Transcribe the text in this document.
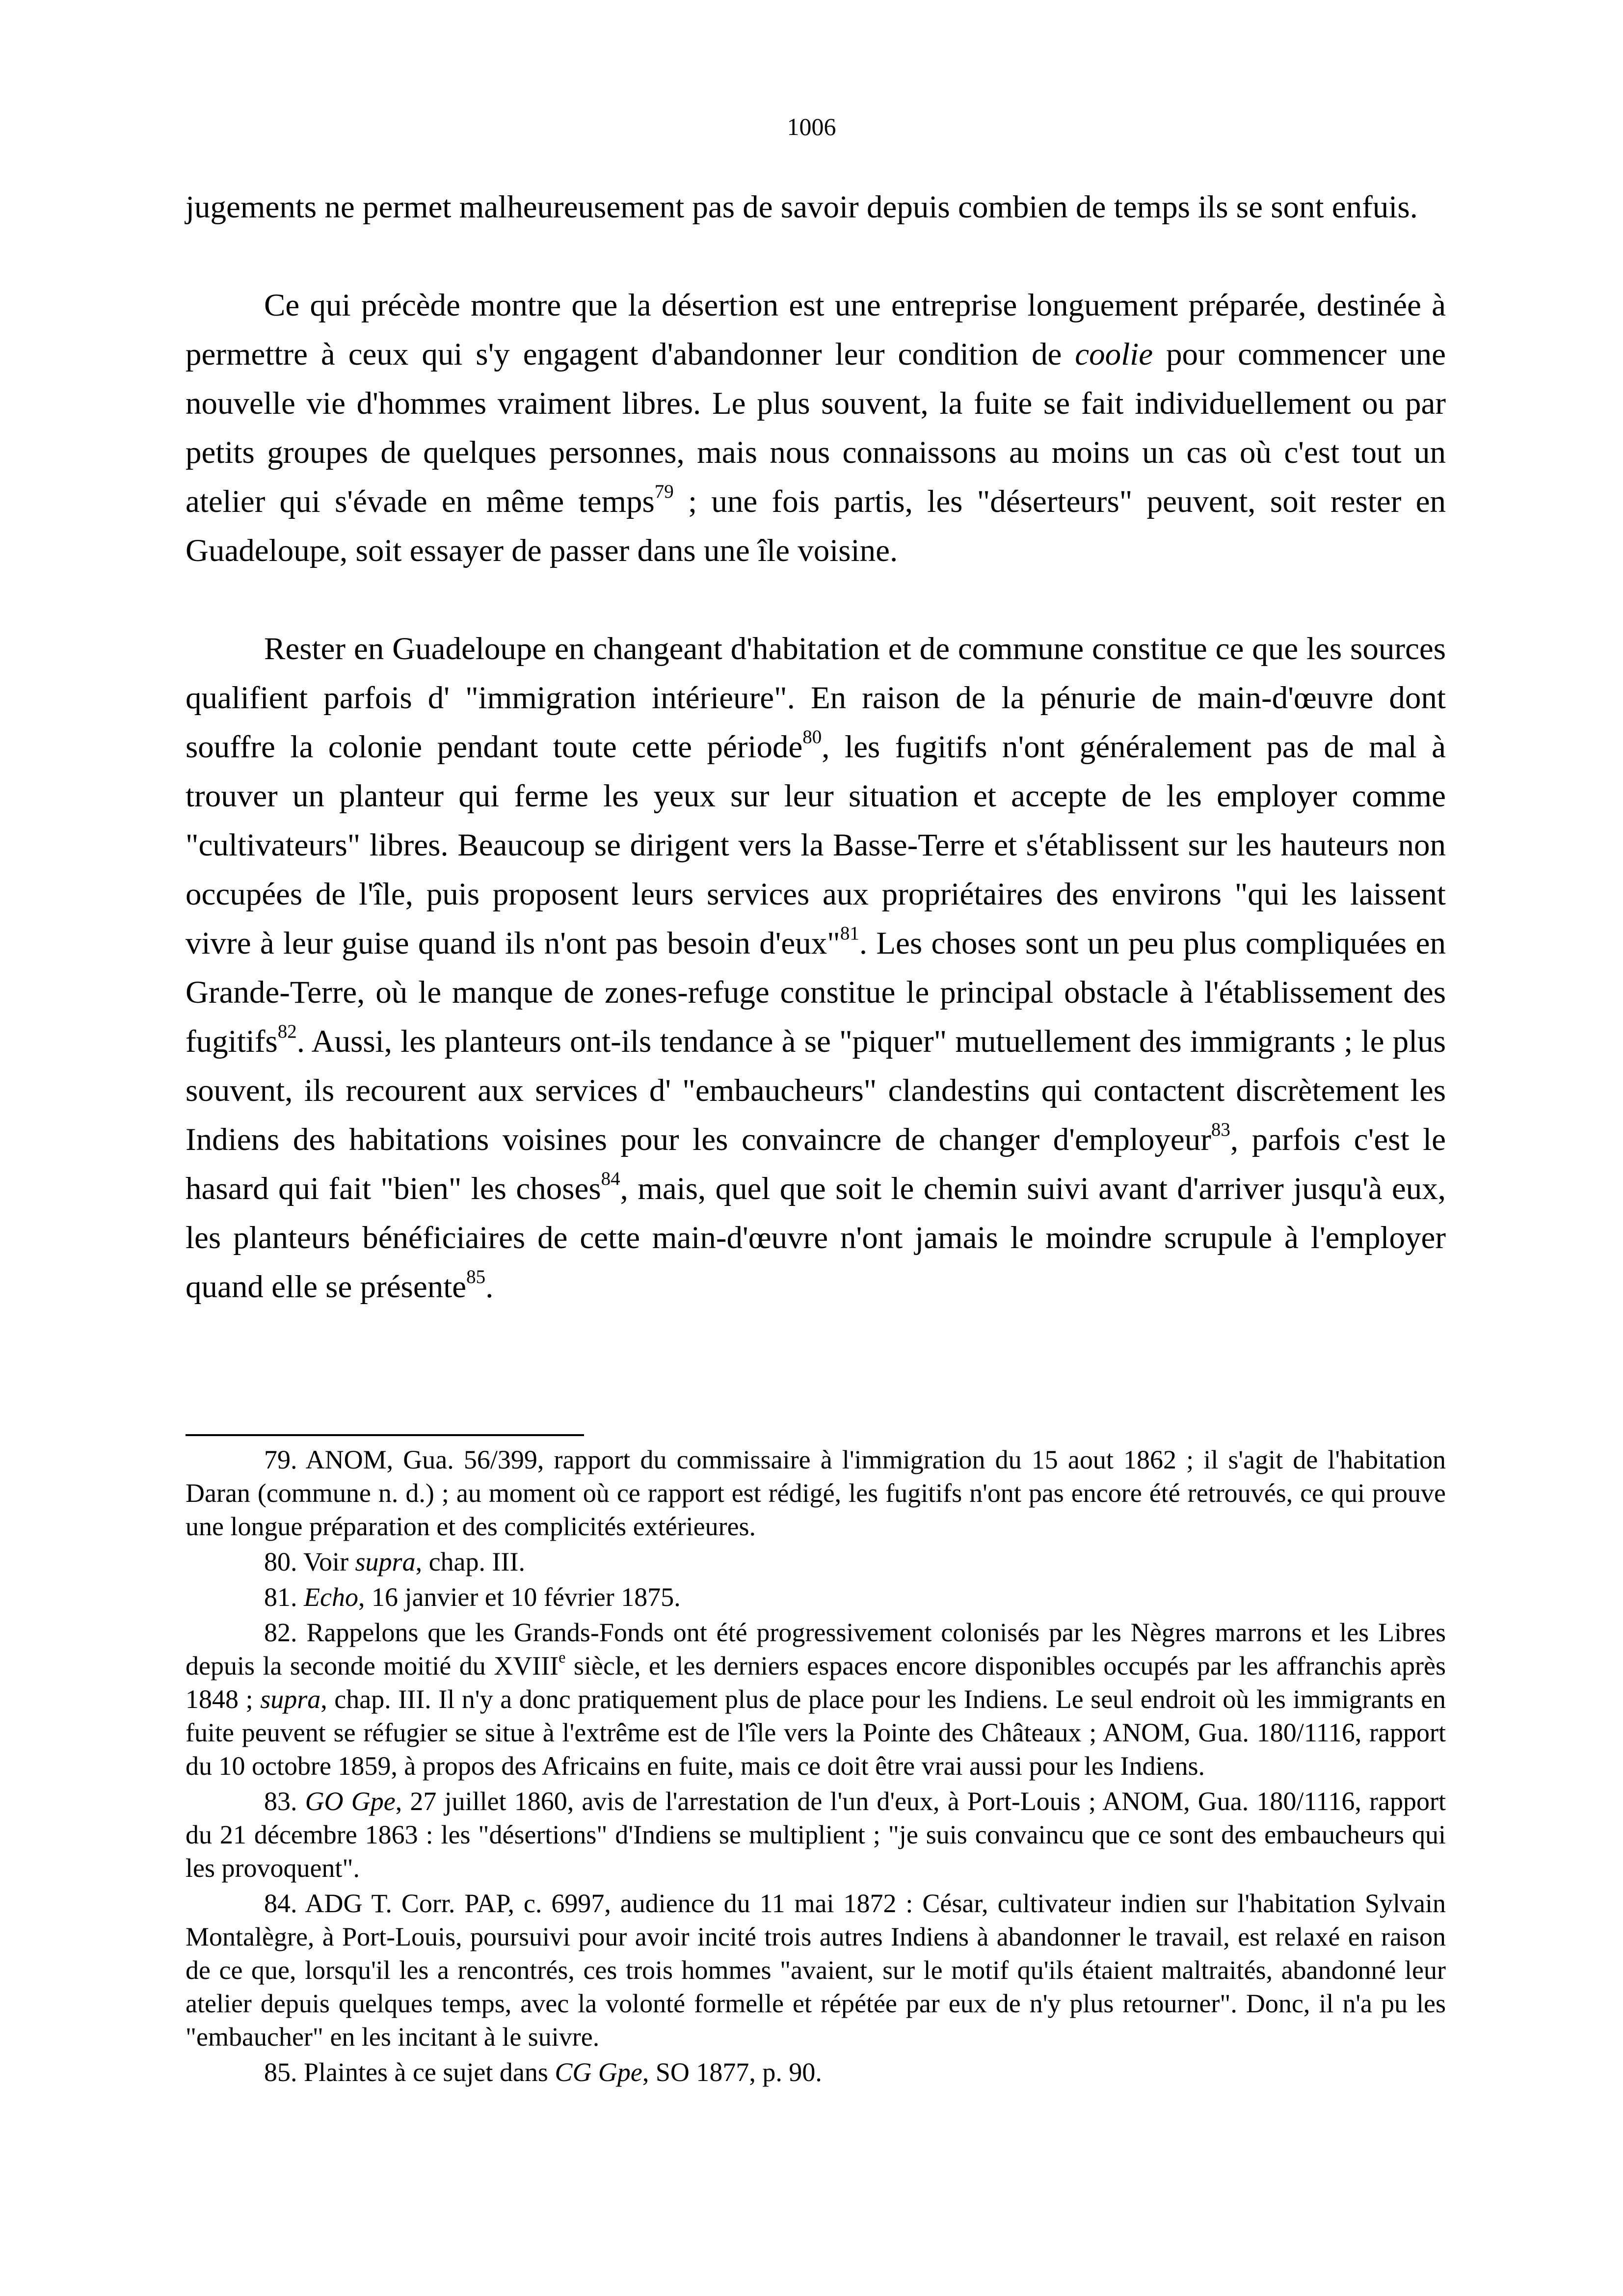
1006

jugements ne permet malheureusement pas de savoir depuis combien de temps ils se sont enfuis.

Ce qui précède montre que la désertion est une entreprise longuement préparée, destinée à permettre à ceux qui s'y engagent d'abandonner leur condition de coolie pour commencer une nouvelle vie d'hommes vraiment libres. Le plus souvent, la fuite se fait individuellement ou par petits groupes de quelques personnes, mais nous connaissons au moins un cas où c'est tout un atelier qui s'évade en même temps$^{79}$ ; une fois partis, les "déserteurs" peuvent, soit rester en Guadeloupe, soit essayer de passer dans une île voisine.

Rester en Guadeloupe en changeant d'habitation et de commune constitue ce que les sources qualifient parfois d' "immigration intérieure". En raison de la pénurie de main-d'œuvre dont souffre la colonie pendant toute cette période$^{80}$, les fugitifs n'ont généralement pas de mal à trouver un planteur qui ferme les yeux sur leur situation et accepte de les employer comme "cultivateurs" libres. Beaucoup se dirigent vers la Basse-Terre et s'établissent sur les hauteurs non occupées de l'île, puis proposent leurs services aux propriétaires des environs "qui les laissent vivre à leur guise quand ils n'ont pas besoin d'eux"$^{81}$. Les choses sont un peu plus compliquées en Grande-Terre, où le manque de zones-refuge constitue le principal obstacle à l'établissement des fugitifs$^{82}$. Aussi, les planteurs ont-ils tendance à se "piquer" mutuellement des immigrants ; le plus souvent, ils recourent aux services d' "embaucheurs" clandestins qui contactent discrètement les Indiens des habitations voisines pour les convaincre de changer d'employeur$^{83}$, parfois c'est le hasard qui fait "bien" les choses$^{84}$, mais, quel que soit le chemin suivi avant d'arriver jusqu'à eux, les planteurs bénéficiaires de cette main-d'œuvre n'ont jamais le moindre scrupule à l'employer quand elle se présente$^{85}$.

79. ANOM, Gua. 56/399, rapport du commissaire à l'immigration du 15 aout 1862 ; il s'agit de l'habitation Daran (commune n. d.) ; au moment où ce rapport est rédigé, les fugitifs n'ont pas encore été retrouvés, ce qui prouve une longue préparation et des complicités extérieures.

80. Voir supra, chap. III.

81. Echo, 16 janvier et 10 février 1875.

82. Rappelons que les Grands-Fonds ont été progressivement colonisés par les Nègres marrons et les Libres depuis la seconde moitié du XVIIIe siècle, et les derniers espaces encore disponibles occupés par les affranchis après 1848 ; supra, chap. III. Il n'y a donc pratiquement plus de place pour les Indiens. Le seul endroit où les immigrants en fuite peuvent se réfugier se situe à l'extrême est de l'île vers la Pointe des Châteaux ; ANOM, Gua. 180/1116, rapport du 10 octobre 1859, à propos des Africains en fuite, mais ce doit être vrai aussi pour les Indiens.

83. GO Gpe, 27 juillet 1860, avis de l'arrestation de l'un d'eux, à Port-Louis ; ANOM, Gua. 180/1116, rapport du 21 décembre 1863 : les "désertions" d'Indiens se multiplient ; "je suis convaincu que ce sont des embaucheurs qui les provoquent".

84. ADG T. Corr. PAP, c. 6997, audience du 11 mai 1872 : César, cultivateur indien sur l'habitation Sylvain Montalègre, à Port-Louis, poursuivi pour avoir incité trois autres Indiens à abandonner le travail, est relaxé en raison de ce que, lorsqu'il les a rencontrés, ces trois hommes "avaient, sur le motif qu'ils étaient maltraités, abandonné leur atelier depuis quelques temps, avec la volonté formelle et répétée par eux de n'y plus retourner". Donc, il n'a pu les "embaucher" en les incitant à le suivre.

85. Plaintes à ce sujet dans CG Gpe, SO 1877, p. 90.
